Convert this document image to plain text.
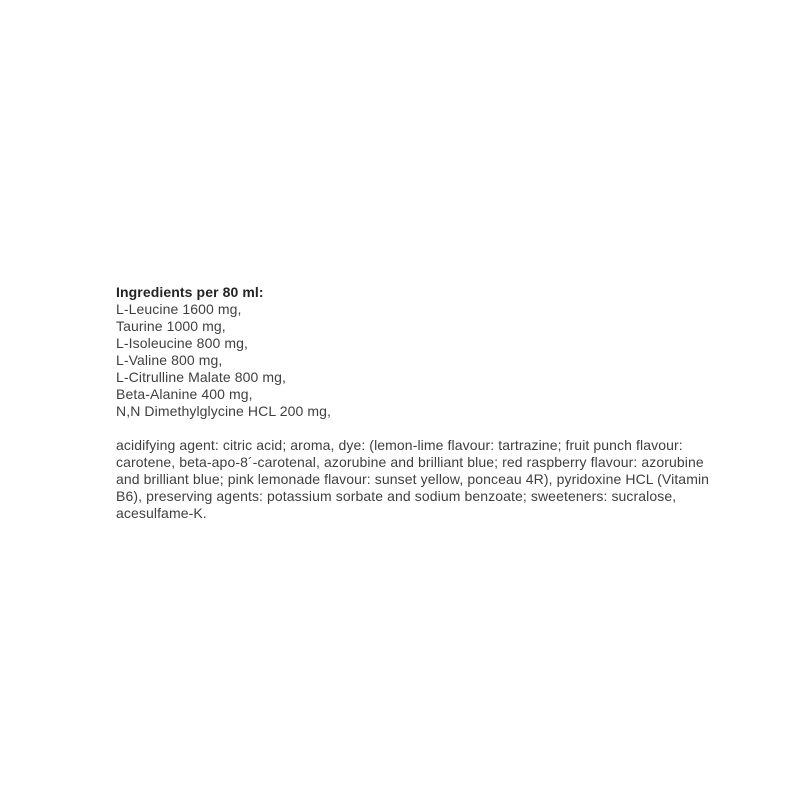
Ingredients per 80 ml:
L-Leucine 1600 mg,
Taurine 1000 mg,
L-Isoleucine 800 mg,
L-Valine 800 mg,
L-Citrulline Malate 800 mg,
Beta-Alanine 400 mg,
N,N Dimethylglycine HCL 200 mg,
acidifying agent: citric acid; aroma, dye: (lemon-lime flavour: tartrazine; fruit punch flavour:
carotene, beta-apo-8´-carotenal, azorubine and brilliant blue; red raspberry flavour: azorubine
and brilliant blue; pink lemonade flavour: sunset yellow, ponceau 4R), pyridoxine HCL (Vitamin
B6), preserving agents: potassium sorbate and sodium benzoate; sweeteners: sucralose,
acesulfame-K.
